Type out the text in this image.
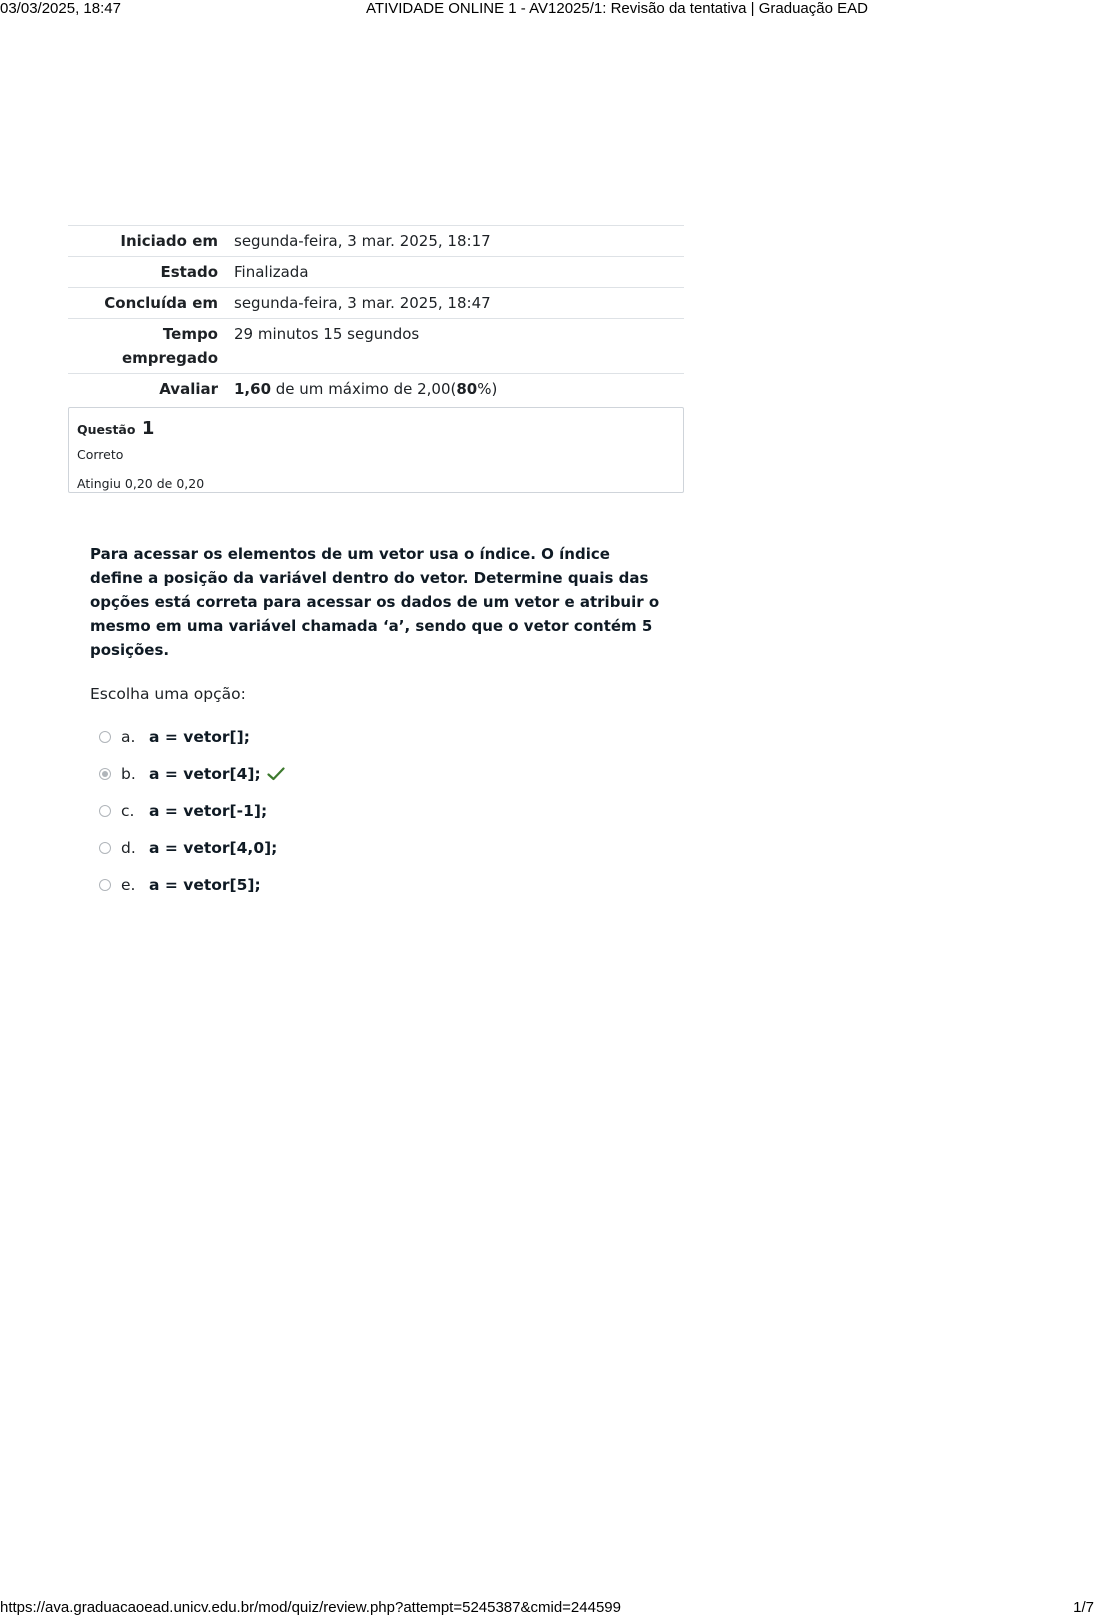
03/03/2025, 18:47	ATIVIDADE ONLINE 1 - AV12025/1: Revisão da tentativa | Graduação EAD
Iniciado em	segunda-feira, 3 mar. 2025, 18:17
Estado	Finalizada
Concluída em	segunda-feira, 3 mar. 2025, 18:47
Tempo empregado	29 minutos 15 segundos
Avaliar	1,60 de um máximo de 2,00(80%)
Questão 1
Correto
Atingiu 0,20 de 0,20
Para acessar os elementos de um vetor usa o índice. O índice define a posição da variável dentro do vetor. Determine quais das opções está correta para acessar os dados de um vetor e atribuir o mesmo em uma variável chamada ‘a’, sendo que o vetor contém 5 posições.
Escolha uma opção:
a. a = vetor[];
b. a = vetor[4];
c. a = vetor[-1];
d. a = vetor[4,0];
e. a = vetor[5];
https://ava.graduacaoead.unicv.edu.br/mod/quiz/review.php?attempt=5245387&cmid=244599	1/7
